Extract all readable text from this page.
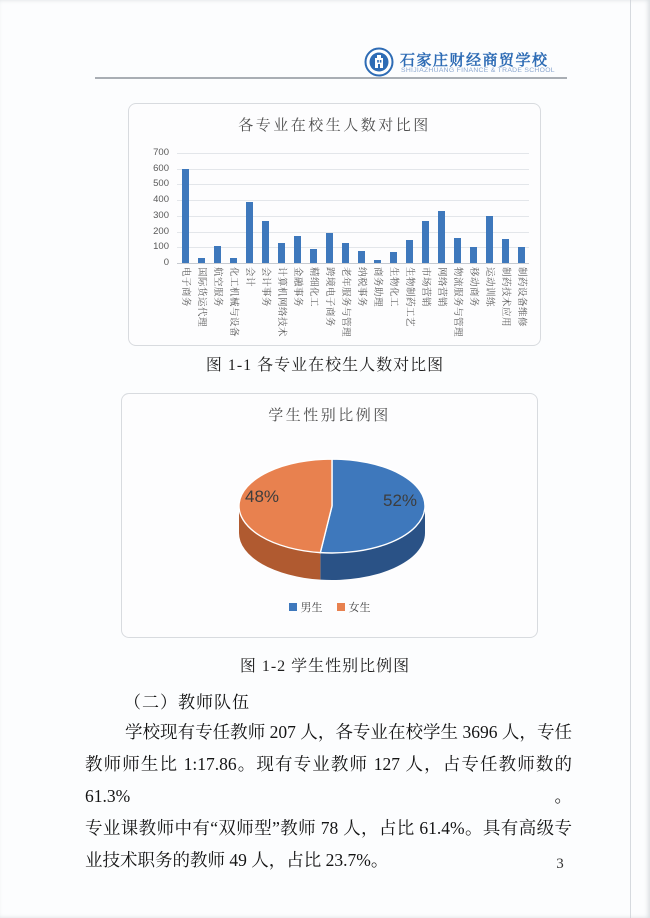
石家庄财经商贸学校
SHIJIAZHUANG FINANCE & TRADE SCHOOL
各专业在校生人数对比图
0
100
200
300
400
500
600
700
电子商务 国际货运代理 航空服务 化工机械与设备 会计 会计事务 计算机网络技术 金融事务 精细化工 跨境电子商务 老年服务与管理 纳税事务 商务助理 生物化工 生物制药工艺 市场营销 网络营销 物流服务与管理 移动商务 运动训练 制药技术应用 制药设备维修
图 1-1 各专业在校生人数对比图
学生性别比例图
52%
48%
男生 女生
图 1-2 学生性别比例图
（二）教师队伍
学校现有专任教师 207 人，各专业在校学生 3696 人，专任
教师师生比 1:17.86。现有专业教师 127 人，占专任教师数的 61.3%。
专业课教师中有“双师型”教师 78 人，占比 61.4%。具有高级专
业技术职务的教师 49 人，占比 23.7%。	3
